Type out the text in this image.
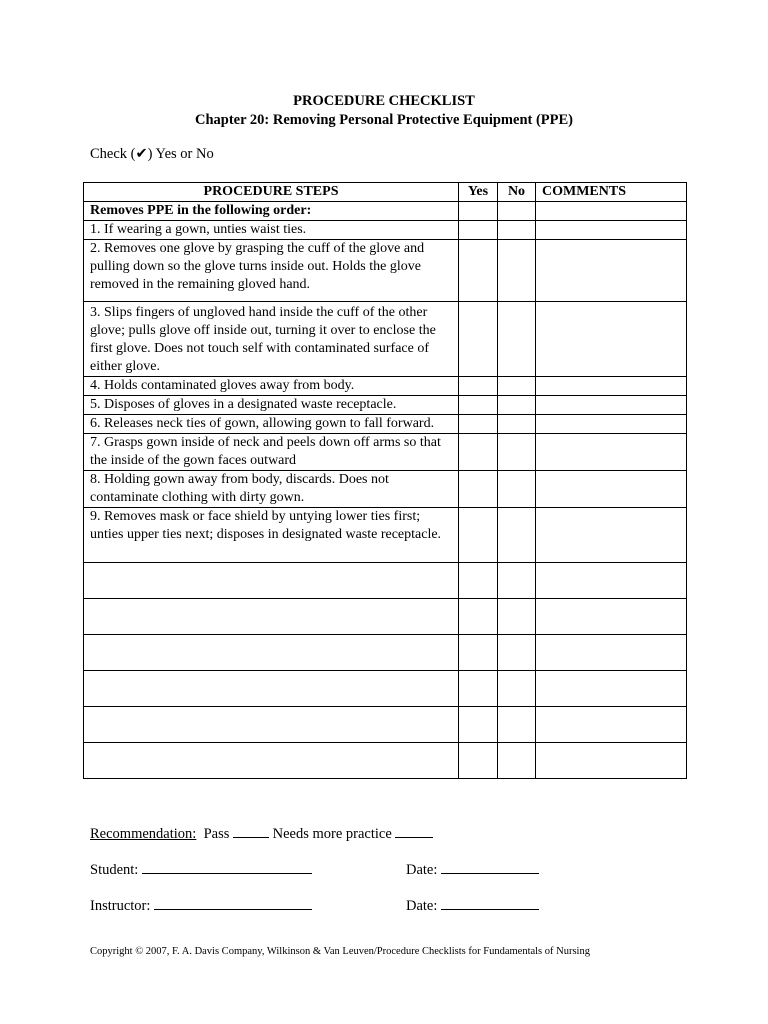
PROCEDURE CHECKLIST
Chapter 20: Removing Personal Protective Equipment (PPE)
Check (✔) Yes or No
PROCEDURE STEPS	Yes	No	COMMENTS
Removes PPE in the following order:			
1. If wearing a gown, unties waist ties.			
2. Removes one glove by grasping the cuff of the glove and pulling down so the glove turns inside out. Holds the glove removed in the remaining gloved hand.			
3. Slips fingers of ungloved hand inside the cuff of the other glove; pulls glove off inside out, turning it over to enclose the first glove. Does not touch self with contaminated surface of either glove.			
4. Holds contaminated gloves away from body.			
5. Disposes of gloves in a designated waste receptacle.			
6. Releases neck ties of gown, allowing gown to fall forward.			
7. Grasps gown inside of neck and peels down off arms so that the inside of the gown faces outward			
8. Holding gown away from body, discards. Does not contaminate clothing with dirty gown.			
9. Removes mask or face shield by untying lower ties first; unties upper ties next; disposes in designated waste receptacle.			

Recommendation: Pass	Needs more practice
Student:	Date:
Instructor:	Date:
Copyright © 2007, F. A. Davis Company, Wilkinson & Van Leuven/Procedure Checklists for Fundamentals of Nursing
